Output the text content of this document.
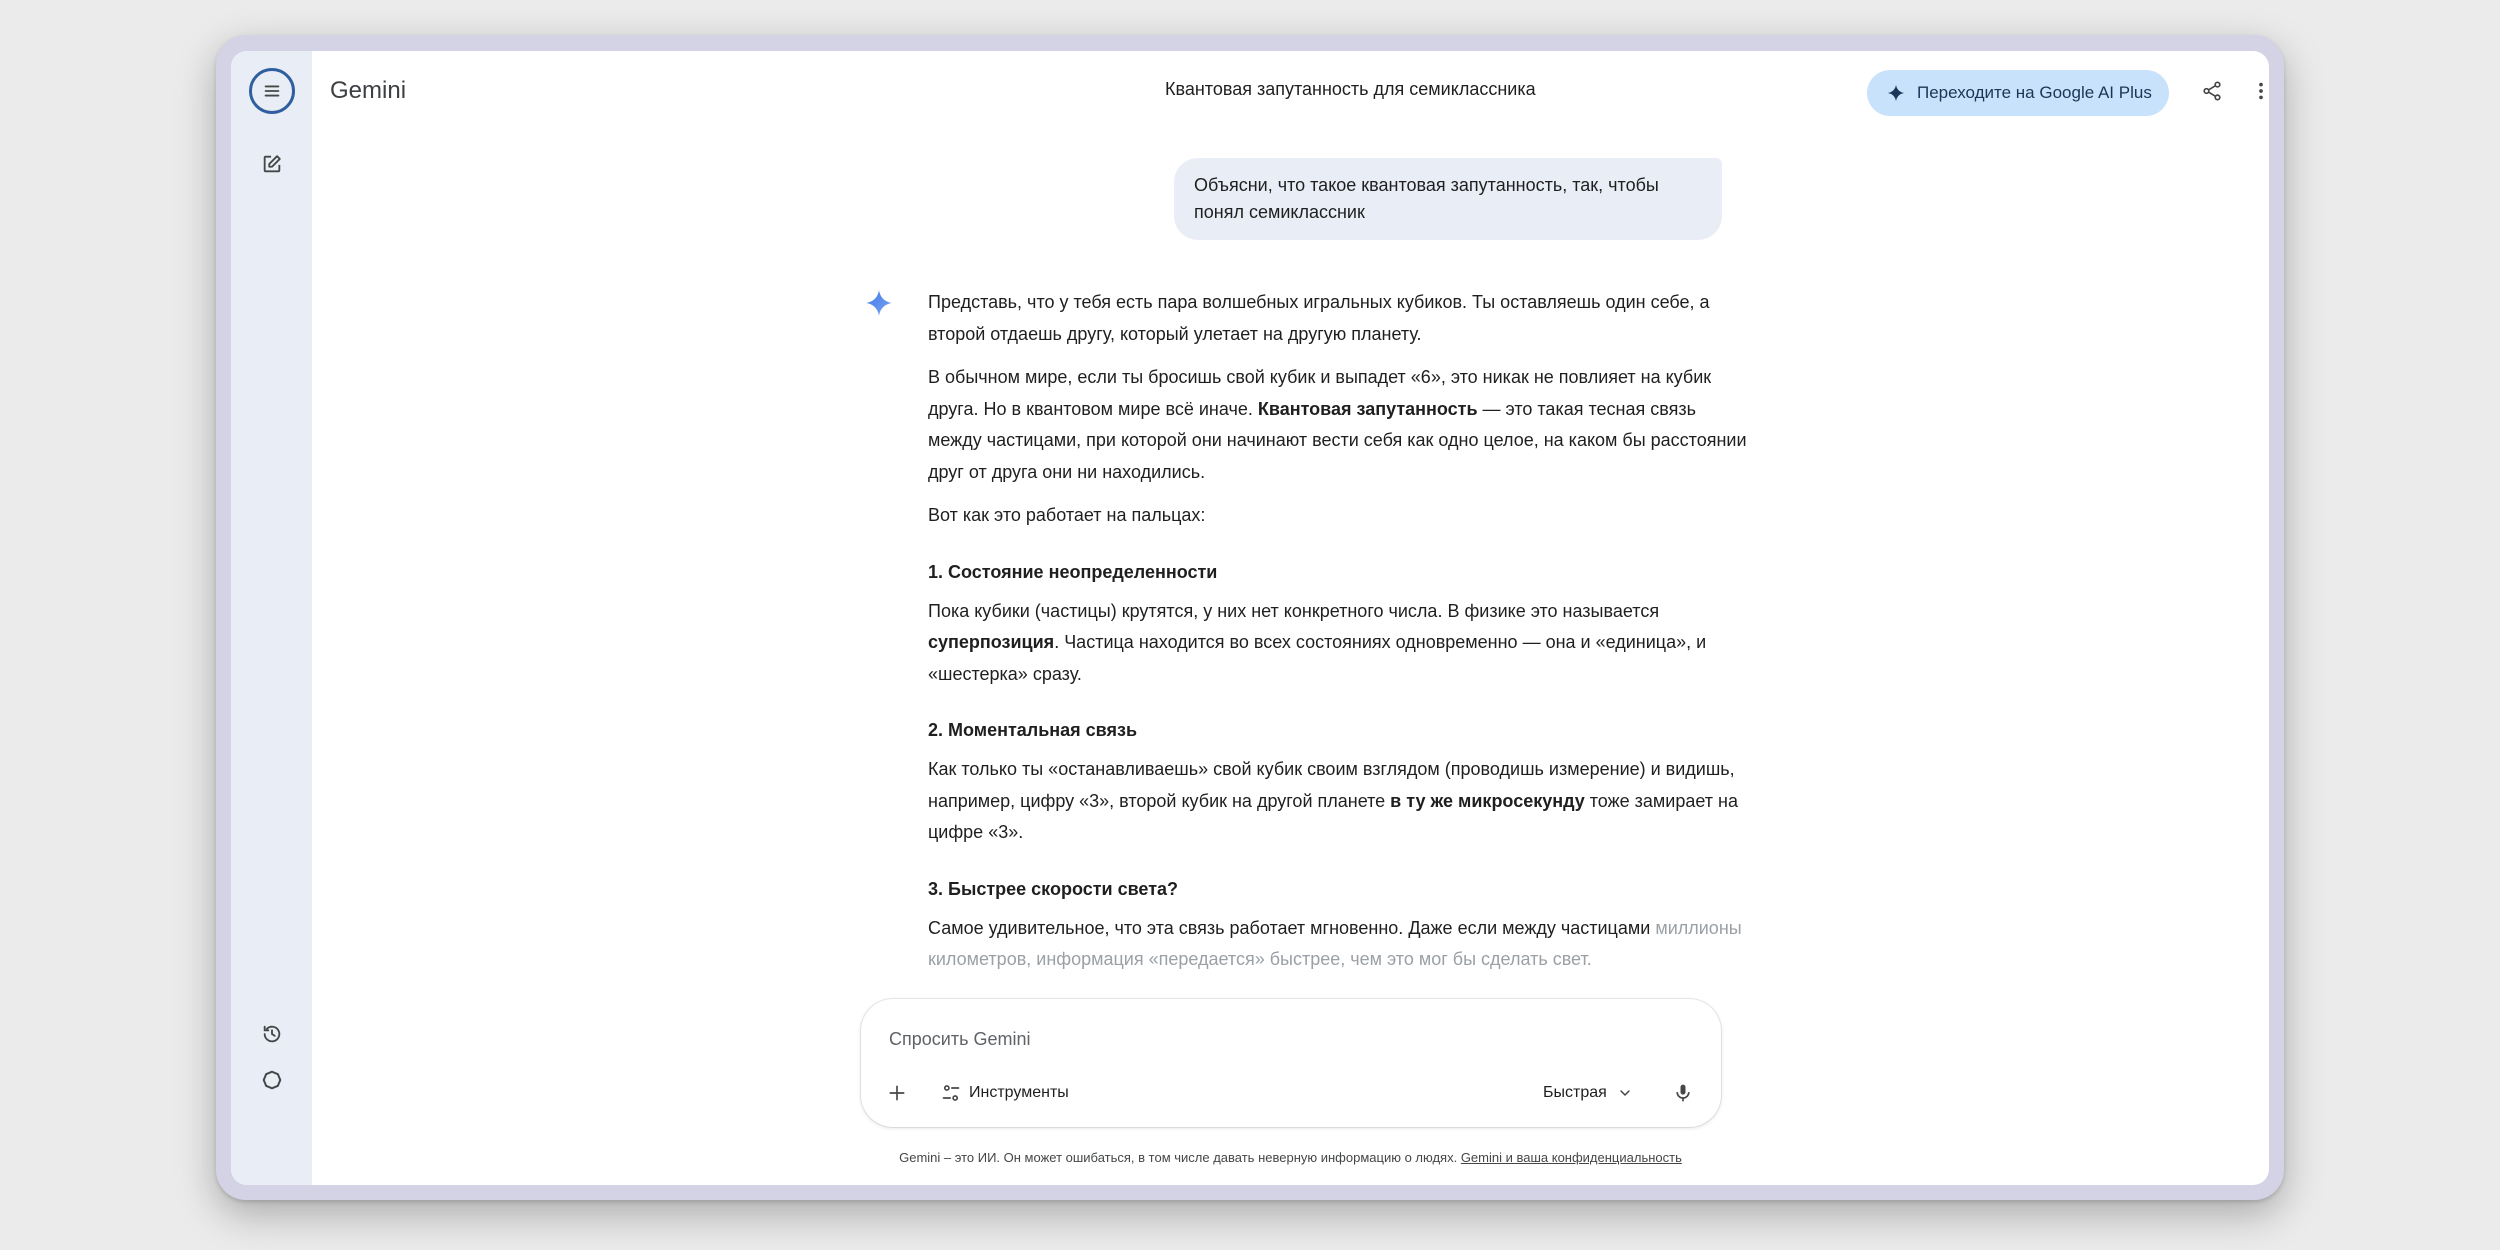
Gemini	Квантовая запутанность для семиклассника	Переходите на Google AI Plus
Объясни, что такое квантовая запутанность, так, чтобы понял семиклассник

Представь, что у тебя есть пара волшебных игральных кубиков. Ты оставляешь один себе, а второй отдаешь другу, который улетает на другую планету.

В обычном мире, если ты бросишь свой кубик и выпадет «6», это никак не повлияет на кубик друга. Но в квантовом мире всё иначе. Квантовая запутанность — это такая тесная связь между частицами, при которой они начинают вести себя как одно целое, на каком бы расстоянии друг от друга они ни находились.

Вот как это работает на пальцах:

1. Состояние неопределенности

Пока кубики (частицы) крутятся, у них нет конкретного числа. В физике это называется суперпозиция. Частица находится во всех состояниях одновременно — она и «единица», и «шестерка» сразу.

2. Моментальная связь

Как только ты «останавливаешь» свой кубик своим взглядом (проводишь измерение) и видишь, например, цифру «3», второй кубик на другой планете в ту же микросекунду тоже замирает на цифре «3».

3. Быстрее скорости света?

Самое удивительное, что эта связь работает мгновенно. Даже если между частицами миллионы километров, информация «передается» быстрее, чем это мог бы сделать свет.

Спросить Gemini
Инструменты	Быстрая
Gemini – это ИИ. Он может ошибаться, в том числе давать неверную информацию о людях. Gemini и ваша конфиденциальность
